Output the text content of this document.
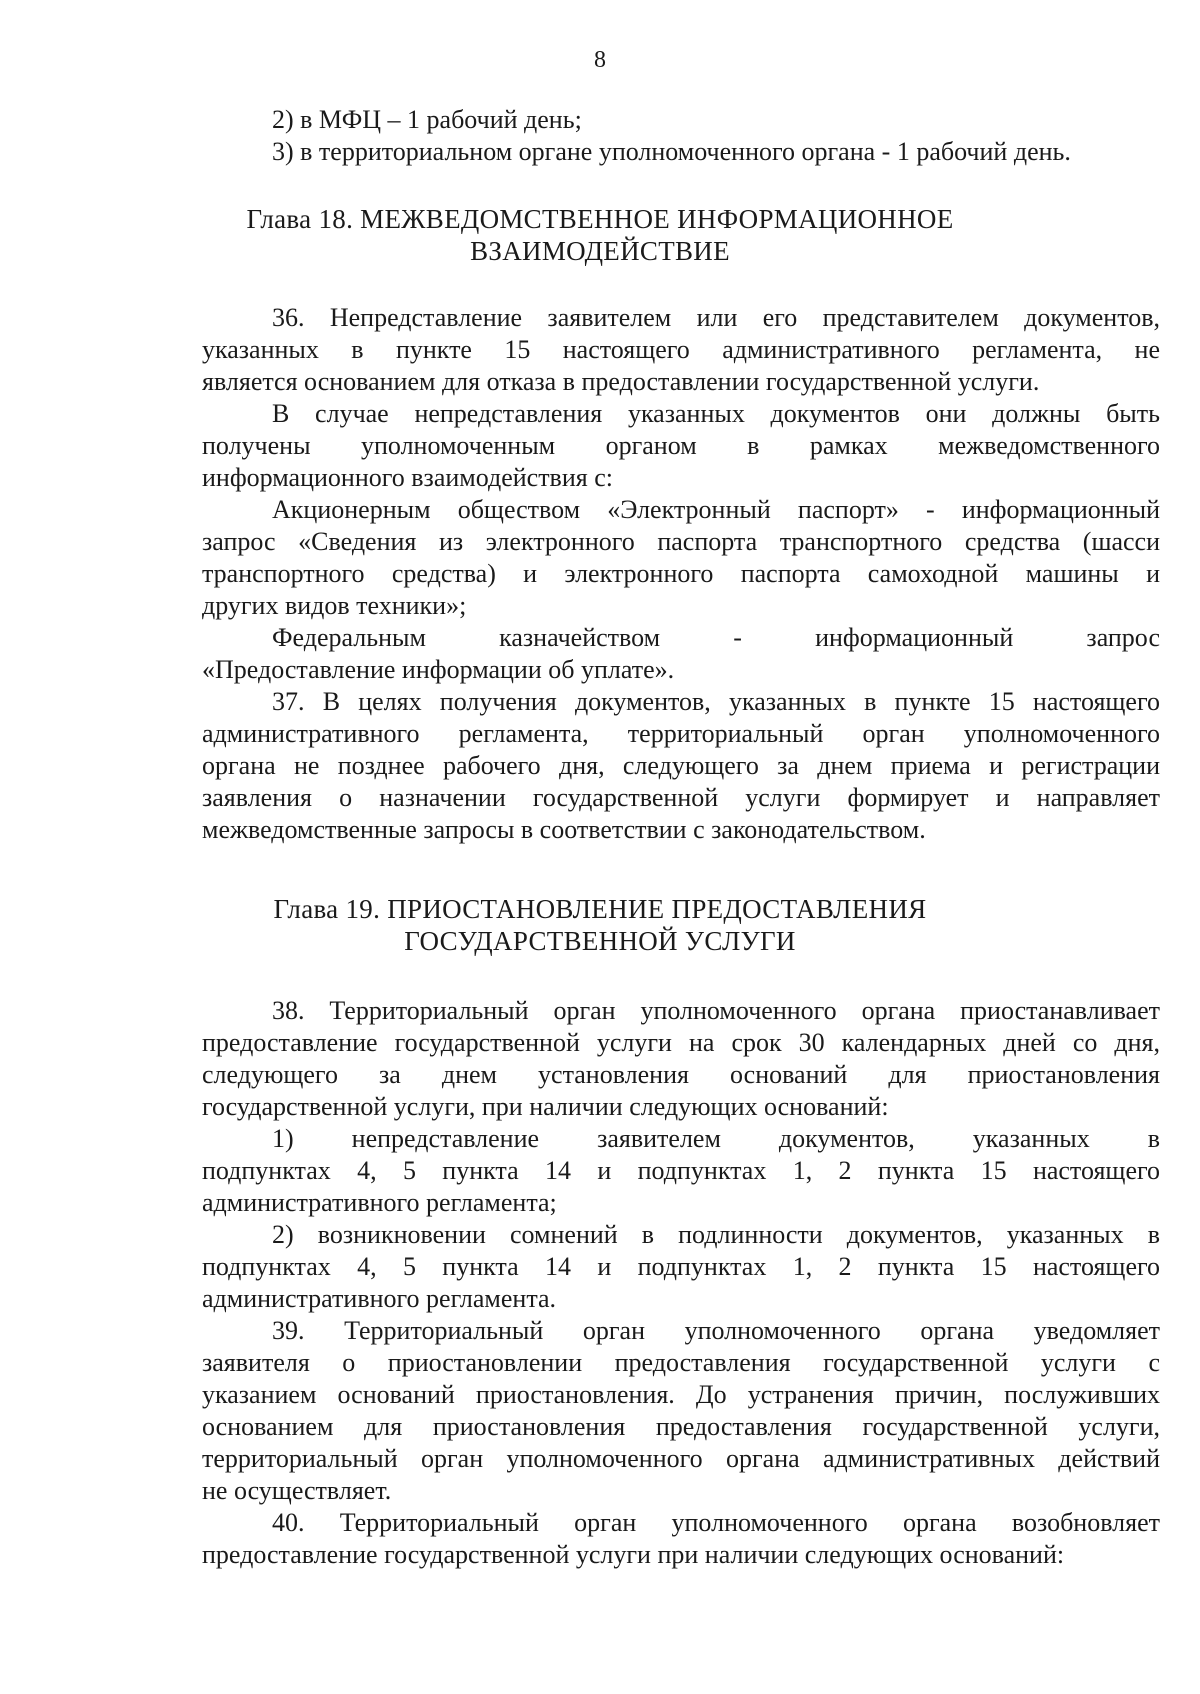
8
2) в МФЦ – 1 рабочий день;
3) в территориальном органе уполномоченного органа - 1 рабочий день.
Глава 18. МЕЖВЕДОМСТВЕННОЕ ИНФОРМАЦИОННОЕ
ВЗАИМОДЕЙСТВИЕ
36. Непредставление заявителем или его представителем документов,
указанных в пункте 15 настоящего административного регламента, не
является основанием для отказа в предоставлении государственной услуги.
В случае непредставления указанных документов они должны быть
получены уполномоченным органом в рамках межведомственного
информационного взаимодействия с:
Акционерным обществом «Электронный паспорт» - информационный
запрос «Сведения из электронного паспорта транспортного средства (шасси
транспортного средства) и электронного паспорта самоходной машины и
других видов техники»;
Федеральным казначейством - информационный запрос
«Предоставление информации об уплате».
37. В целях получения документов, указанных в пункте 15 настоящего
административного регламента, территориальный орган уполномоченного
органа не позднее рабочего дня, следующего за днем приема и регистрации
заявления о назначении государственной услуги формирует и направляет
межведомственные запросы в соответствии с законодательством.
Глава 19. ПРИОСТАНОВЛЕНИЕ ПРЕДОСТАВЛЕНИЯ
ГОСУДАРСТВЕННОЙ УСЛУГИ
38. Территориальный орган уполномоченного органа приостанавливает
предоставление государственной услуги на срок 30 календарных дней со дня,
следующего за днем установления оснований для приостановления
государственной услуги, при наличии следующих оснований:
1) непредставление заявителем документов, указанных в
подпунктах 4, 5 пункта 14 и подпунктах 1, 2 пункта 15 настоящего
административного регламента;
2) возникновении сомнений в подлинности документов, указанных в
подпунктах 4, 5 пункта 14 и подпунктах 1, 2 пункта 15 настоящего
административного регламента.
39. Территориальный орган уполномоченного органа уведомляет
заявителя о приостановлении предоставления государственной услуги с
указанием оснований приостановления. До устранения причин, послуживших
основанием для приостановления предоставления государственной услуги,
территориальный орган уполномоченного органа административных действий
не осуществляет.
40. Территориальный орган уполномоченного органа возобновляет
предоставление государственной услуги при наличии следующих оснований:
